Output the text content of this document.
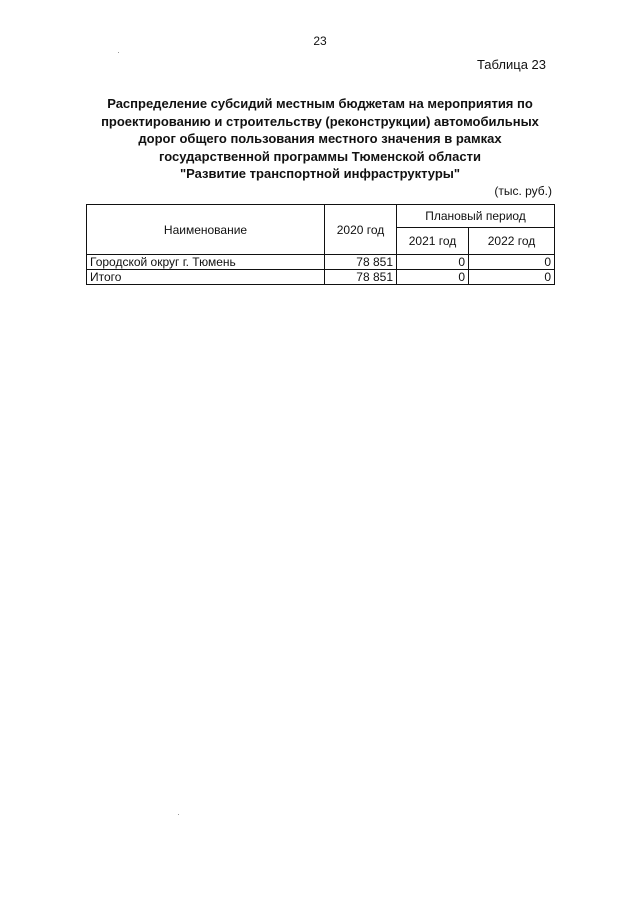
23
Таблица 23
Распределение субсидий местным бюджетам на мероприятия по
проектированию и строительству (реконструкции) автомобильных
дорог общего пользования местного значения в рамках
государственной программы Тюменской области
"Развитие транспортной инфраструктуры"
(тыс. руб.)
Наименование	2020 год	Плановый период	
		2021 год	2022 год
Городской округ г. Тюмень	78 851	0	0
Итого	78 851	0	0
